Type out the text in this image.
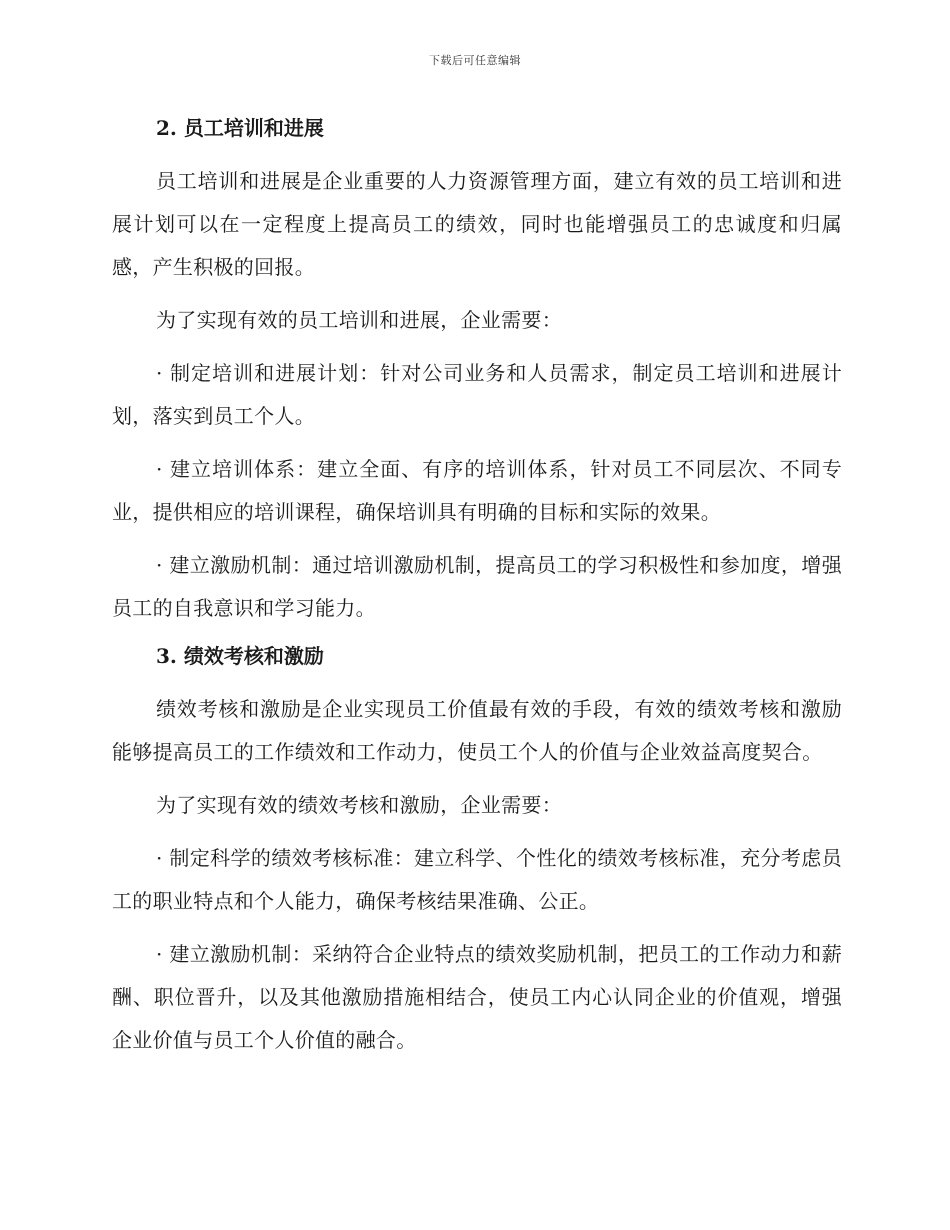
下载后可任意编辑
2. 员工培训和进展

员工培训和进展是企业重要的人力资源管理方面，建立有效的员工培训和进展计划可以在一定程度上提高员工的绩效，同时也能增强员工的忠诚度和归属感，产生积极的回报。

为了实现有效的员工培训和进展，企业需要：

· 制定培训和进展计划：针对公司业务和人员需求，制定员工培训和进展计划，落实到员工个人。

· 建立培训体系：建立全面、有序的培训体系，针对员工不同层次、不同专业，提供相应的培训课程，确保培训具有明确的目标和实际的效果。

· 建立激励机制：通过培训激励机制，提高员工的学习积极性和参加度，增强员工的自我意识和学习能力。

3. 绩效考核和激励

绩效考核和激励是企业实现员工价值最有效的手段，有效的绩效考核和激励能够提高员工的工作绩效和工作动力，使员工个人的价值与企业效益高度契合。

为了实现有效的绩效考核和激励，企业需要：

· 制定科学的绩效考核标准：建立科学、个性化的绩效考核标准，充分考虑员工的职业特点和个人能力，确保考核结果准确、公正。

· 建立激励机制：采纳符合企业特点的绩效奖励机制，把员工的工作动力和薪酬、职位晋升，以及其他激励措施相结合，使员工内心认同企业的价值观，增强企业价值与员工个人价值的融合。
